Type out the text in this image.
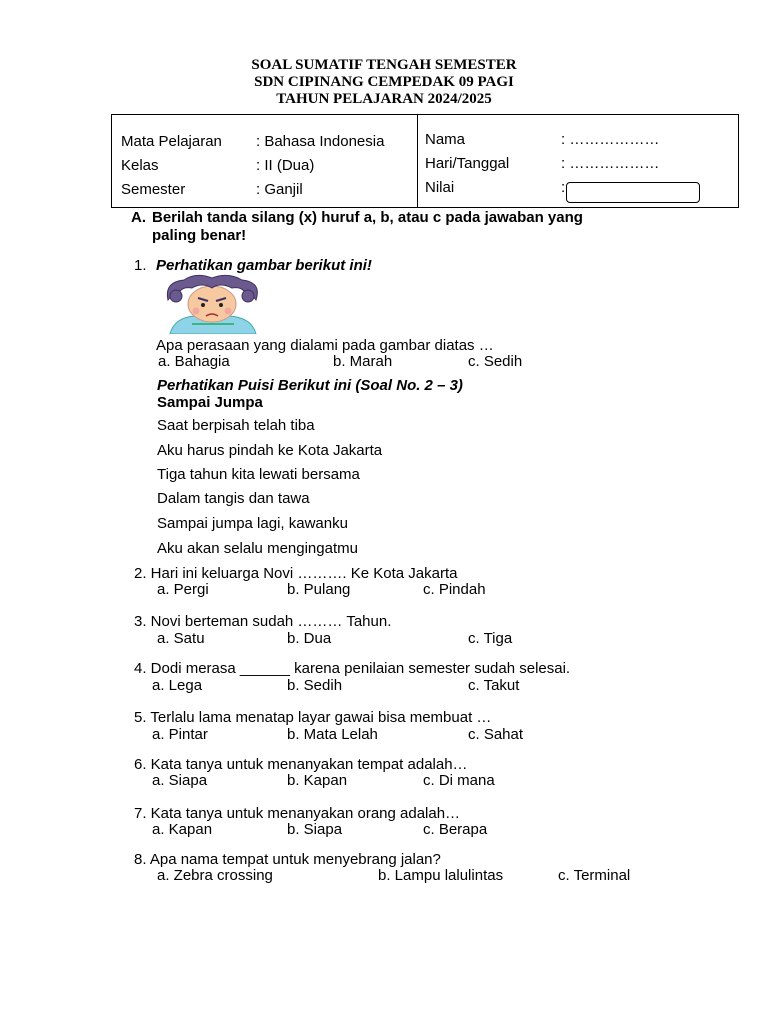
SOAL SUMATIF TENGAH SEMESTER
SDN CIPINANG CEMPEDAK 09 PAGI
TAHUN PELAJARAN 2024/2025
Mata Pelajaran : Bahasa Indonesia
Kelas	: II (Dua)
Semester	: Ganjil
Nama	: ………………
Hari/Tanggal	: ………………
Nilai	:
A. Berilah tanda silang (x) huruf a, b, atau c pada jawaban yang
paling benar!
1. Perhatikan gambar berikut ini!
Apa perasaan yang dialami pada gambar diatas …
a. Bahagia	b. Marah	c. Sedih
Perhatikan Puisi Berikut ini (Soal No. 2 – 3)
Sampai Jumpa
Saat berpisah telah tiba
Aku harus pindah ke Kota Jakarta
Tiga tahun kita lewati bersama
Dalam tangis dan tawa
Sampai jumpa lagi, kawanku
Aku akan selalu mengingatmu
2. Hari ini keluarga Novi ………. Ke Kota Jakarta
a. Pergi	b. Pulang	c. Pindah
3. Novi berteman sudah ……… Tahun.
a. Satu	b. Dua	c. Tiga
4. Dodi merasa ______ karena penilaian semester sudah selesai.
a. Lega	b. Sedih	c. Takut
5. Terlalu lama menatap layar gawai bisa membuat …
a. Pintar	b. Mata Lelah	c. Sahat
6. Kata tanya untuk menanyakan tempat adalah…
a. Siapa	b. Kapan	c. Di mana
7. Kata tanya untuk menanyakan orang adalah…
a. Kapan	b. Siapa	c. Berapa
8. Apa nama tempat untuk menyebrang jalan?
a. Zebra crossing	b. Lampu lalulintas	c. Terminal
